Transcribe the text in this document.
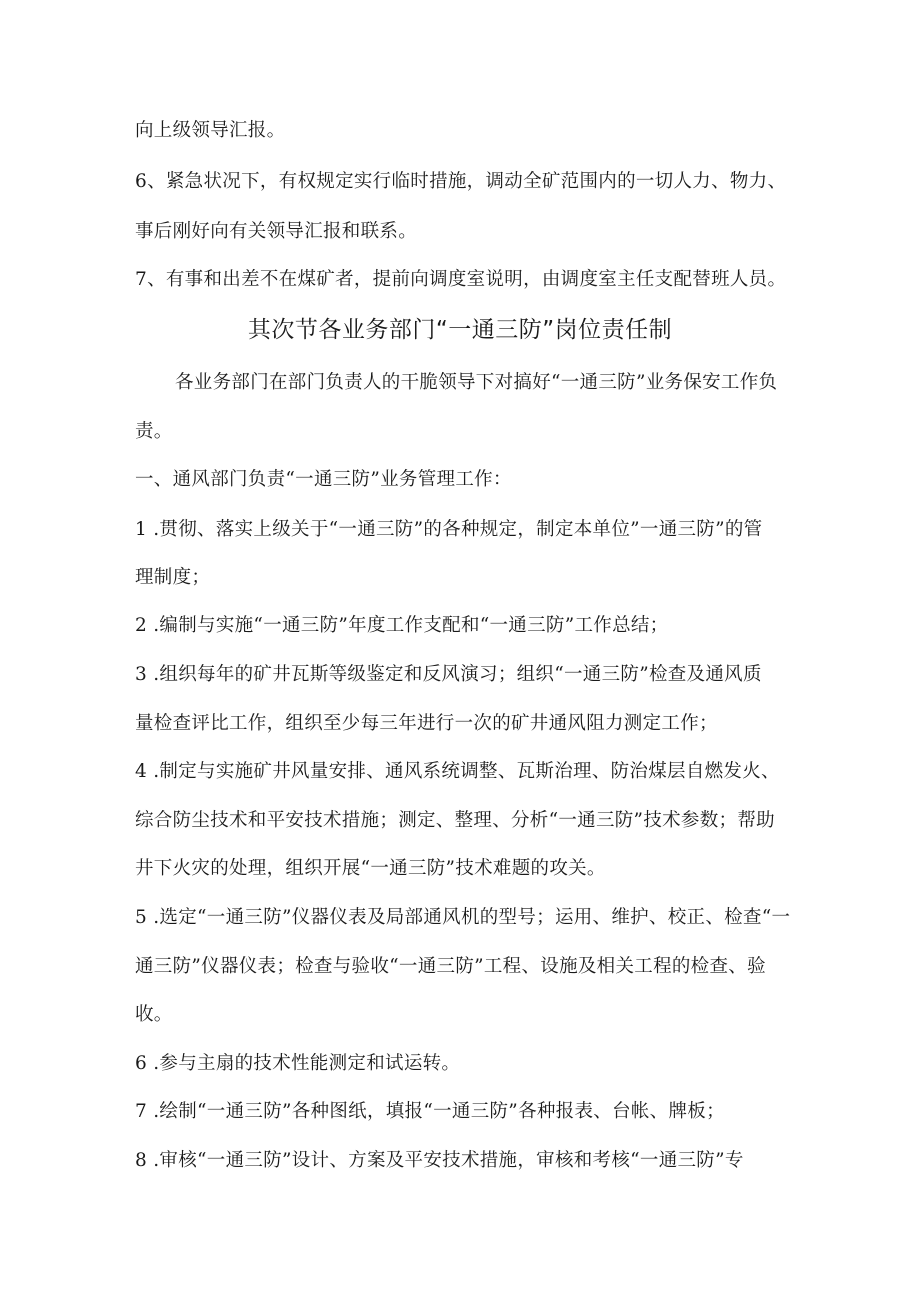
向上级领导汇报。
6、紧急状况下，有权规定实行临时措施，调动全矿范围内的一切人力、物力、
事后刚好向有关领导汇报和联系。
7、有事和出差不在煤矿者，提前向调度室说明，由调度室主任支配替班人员。
其次节各业务部门“一通三防”岗位责任制
各业务部门在部门负责人的干脆领导下对搞好“一通三防”业务保安工作负
责。
一、通风部门负责“一通三防”业务管理工作：
1 .贯彻、落实上级关于“一通三防”的各种规定，制定本单位”一通三防”的管
理制度；
2 .编制与实施“一通三防”年度工作支配和“一通三防”工作总结；
3 .组织每年的矿井瓦斯等级鉴定和反风演习；组织“一通三防”检查及通风质
量检查评比工作，组织至少每三年进行一次的矿井通风阻力测定工作；
4 .制定与实施矿井风量安排、通风系统调整、瓦斯治理、防治煤层自燃发火、
综合防尘技术和平安技术措施；测定、整理、分析“一通三防”技术参数；帮助
井下火灾的处理，组织开展“一通三防”技术难题的攻关。
5 .选定“一通三防”仪器仪表及局部通风机的型号；运用、维护、校正、检查“一
通三防”仪器仪表；检查与验收“一通三防”工程、设施及相关工程的检查、验
收。
6 .参与主扇的技术性能测定和试运转。
7 .绘制“一通三防”各种图纸，填报“一通三防”各种报表、台帐、牌板；
8 .审核“一通三防”设计、方案及平安技术措施，审核和考核“一通三防”专
